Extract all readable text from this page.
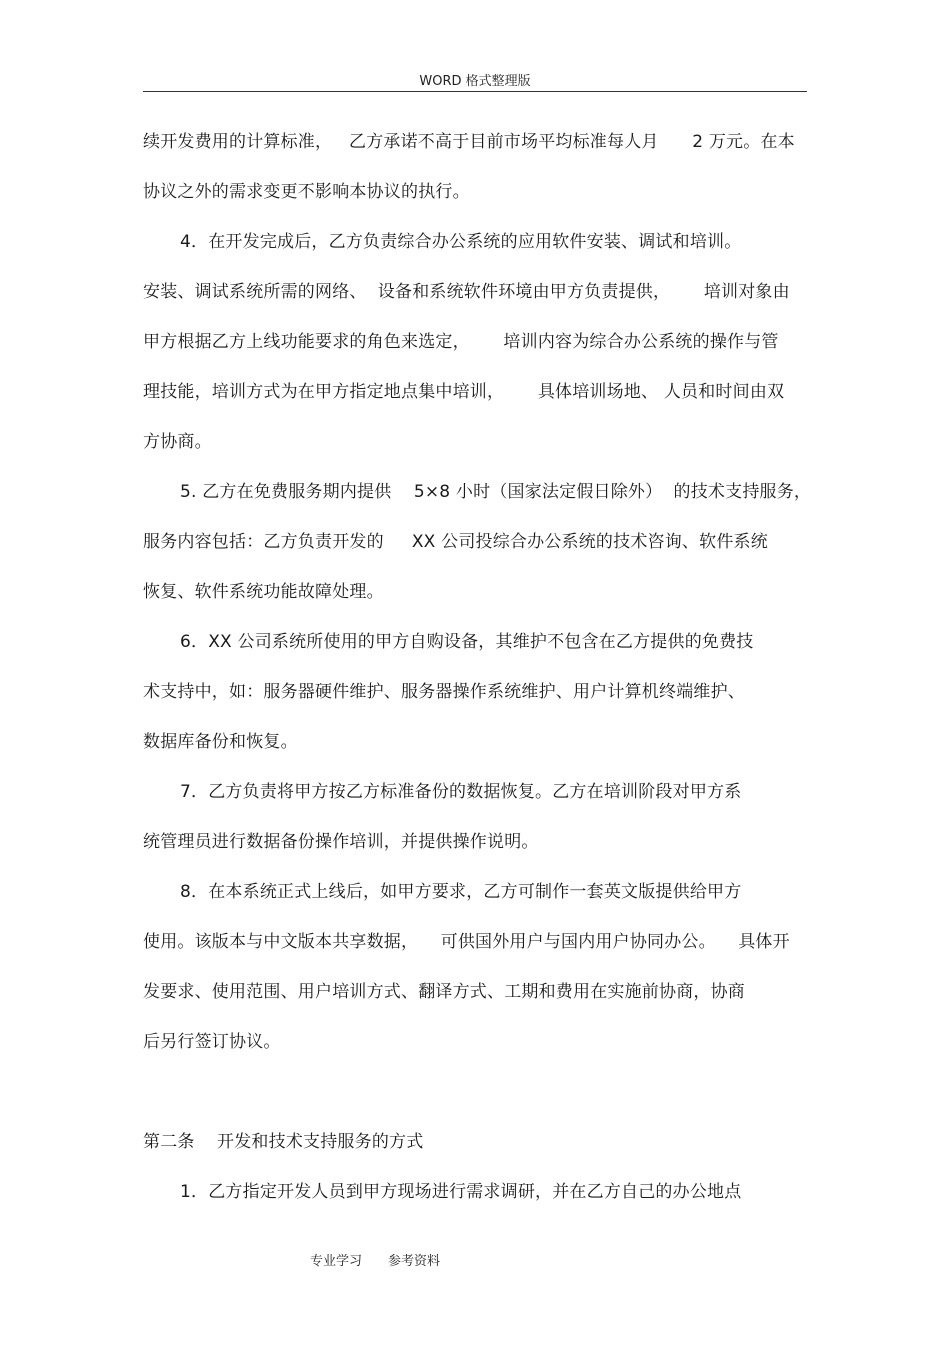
WORD 格式整理版
续开发费用的计算标准，   乙方承诺不高于目前市场平均标准每人月      2 万元。在本
协议之外的需求变更不影响本协议的执行。
4．在开发完成后，乙方负责综合办公系统的应用软件安装、调试和培训。
安装、调试系统所需的网络、  设备和系统软件环境由甲方负责提供，      培训对象由
甲方根据乙方上线功能要求的角色来选定，      培训内容为综合办公系统的操作与管
理技能，培训方式为在甲方指定地点集中培训，      具体培训场地、 人员和时间由双
方协商。
5. 乙方在免费服务期内提供    5×8 小时（国家法定假日除外）  的技术支持服务，
服务内容包括：乙方负责开发的     XX 公司投综合办公系统的技术咨询、软件系统
恢复、软件系统功能故障处理。
6．XX 公司系统所使用的甲方自购设备，其维护不包含在乙方提供的免费技
术支持中，如：服务器硬件维护、服务器操作系统维护、用户计算机终端维护、
数据库备份和恢复。
7．乙方负责将甲方按乙方标准备份的数据恢复。乙方在培训阶段对甲方系
统管理员进行数据备份操作培训，并提供操作说明。
8．在本系统正式上线后，如甲方要求，乙方可制作一套英文版提供给甲方
使用。该版本与中文版本共享数据，    可供国外用户与国内用户协同办公。    具体开
发要求、使用范围、用户培训方式、翻译方式、工期和费用在实施前协商，协商
后另行签订协议。
第二条    开发和技术支持服务的方式
1．乙方指定开发人员到甲方现场进行需求调研，并在乙方自己的办公地点
专业学习 参考资料
